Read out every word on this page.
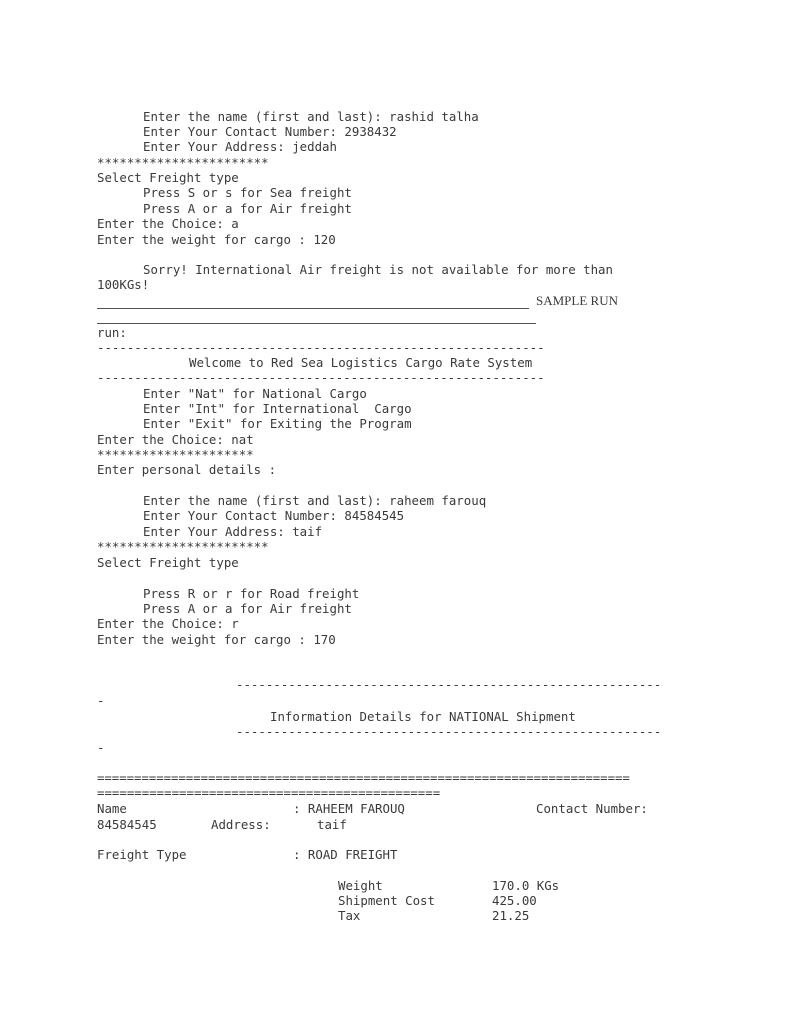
Enter the name (first and last): rashid talha
Enter Your Contact Number: 2938432
Enter Your Address: jeddah
***********************
Select Freight type
Press S or s for Sea freight
Press A or a for Air freight
Enter the Choice: a
Enter the weight for cargo : 120
Sorry! International Air freight is not available for more than
100KGs!
SAMPLE RUN
run:
------------------------------------------------------------
Welcome to Red Sea Logistics Cargo Rate System
------------------------------------------------------------
Enter "Nat" for National Cargo
Enter "Int" for International  Cargo
Enter "Exit" for Exiting the Program
Enter the Choice: nat
*********************
Enter personal details :
Enter the name (first and last): raheem farouq
Enter Your Contact Number: 84584545
Enter Your Address: taif
***********************
Select Freight type
Press R or r for Road freight
Press A or a for Air freight
Enter the Choice: r
Enter the weight for cargo : 170
---------------------------------------------------------
-
Information Details for NATIONAL Shipment
---------------------------------------------------------
-
========================================================================
==============================================
Name	: RAHEEM FAROUQ	Contact Number:
84584545	Address:	taif
Freight Type	: ROAD FREIGHT
Weight	170.0 KGs
Shipment Cost	425.00
Tax	21.25
